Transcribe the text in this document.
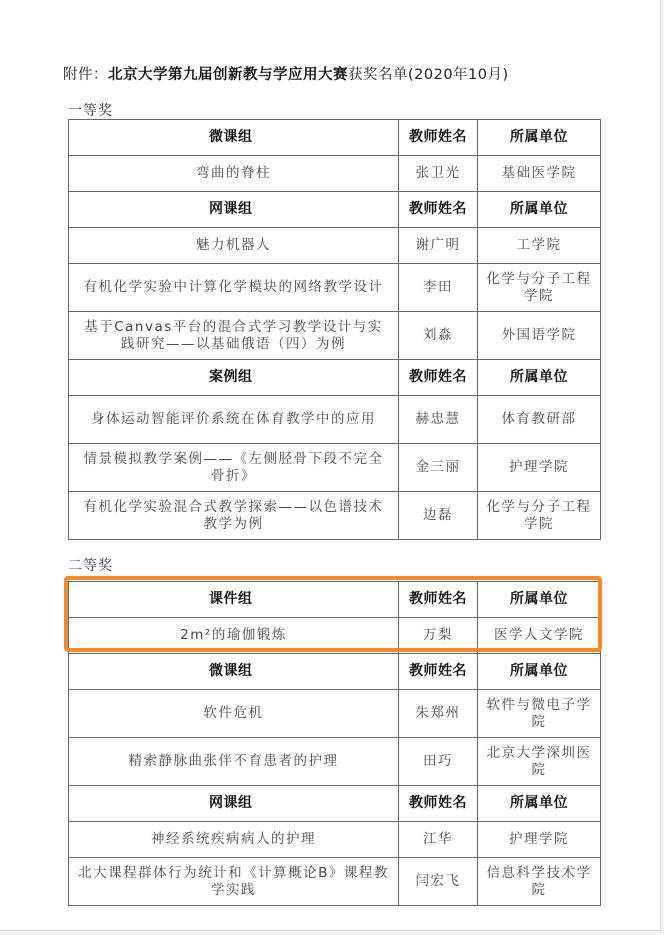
附件：北京大学第九届创新教与学应用大赛获奖名单(2020年10月)
一等奖
微课组	教师姓名	所属单位
弯曲的脊柱	张卫光	基础医学院
网课组	教师姓名	所属单位
魅力机器人	谢广明	工学院
有机化学实验中计算化学模块的网络教学设计	李田	化学与分子工程学院
基于Canvas平台的混合式学习教学设计与实践研究——以基础俄语（四）为例	刘淼	外国语学院
案例组	教师姓名	所属单位
身体运动智能评价系统在体育教学中的应用	赫忠慧	体育教研部
情景模拟教学案例——《左侧胫骨下段不完全骨折》	金三丽	护理学院
有机化学实验混合式教学探索——以色谱技术教学为例	边磊	化学与分子工程学院
二等奖
课件组	教师姓名	所属单位
2m²的瑜伽锻炼	万梨	医学人文学院
微课组	教师姓名	所属单位
软件危机	朱郑州	软件与微电子学院
精索静脉曲张伴不育患者的护理	田巧	北京大学深圳医院
网课组	教师姓名	所属单位
神经系统疾病病人的护理	江华	护理学院
北大课程群体行为统计和《计算概论B》课程教学实践	闫宏飞	信息科学技术学院
